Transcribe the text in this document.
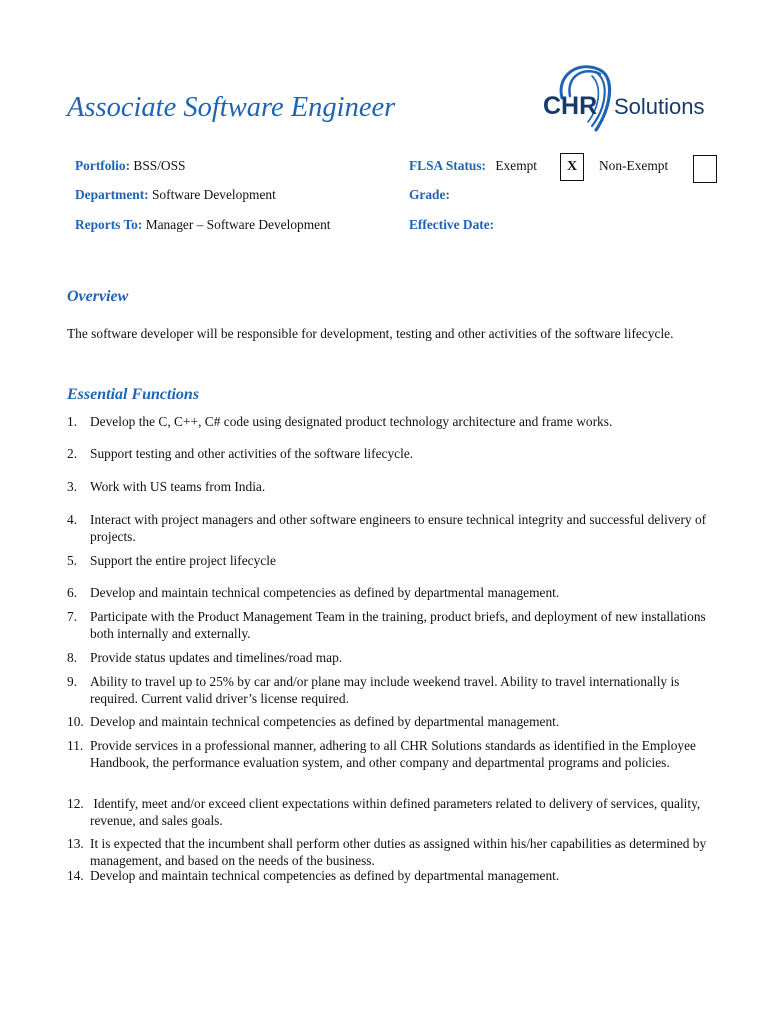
Associate Software Engineer	CHR Solutions
Portfolio: BSS/OSS
Department: Software Development
Reports To: Manager – Software Development
FLSA Status: Exempt	X	Non-Exempt
Grade:
Effective Date:
Overview
The software developer will be responsible for development, testing and other activities of the software lifecycle.
Essential Functions
1. Develop the C, C++, C# code using designated product technology architecture and frame works.
2. Support testing and other activities of the software lifecycle.
3. Work with US teams from India.
4. Interact with project managers and other software engineers to ensure technical integrity and successful delivery of projects.
5. Support the entire project lifecycle
6. Develop and maintain technical competencies as defined by departmental management.
7. Participate with the Product Management Team in the training, product briefs, and deployment of new installations both internally and externally.
8. Provide status updates and timelines/road map.
9. Ability to travel up to 25% by car and/or plane may include weekend travel. Ability to travel internationally is required. Current valid driver’s license required.
10. Develop and maintain technical competencies as defined by departmental management.
11. Provide services in a professional manner, adhering to all CHR Solutions standards as identified in the Employee Handbook, the performance evaluation system, and other company and departmental programs and policies.
12. Identify, meet and/or exceed client expectations within defined parameters related to delivery of services, quality, revenue, and sales goals.
13. It is expected that the incumbent shall perform other duties as assigned within his/her capabilities as determined by management, and based on the needs of the business.
14. Develop and maintain technical competencies as defined by departmental management.
